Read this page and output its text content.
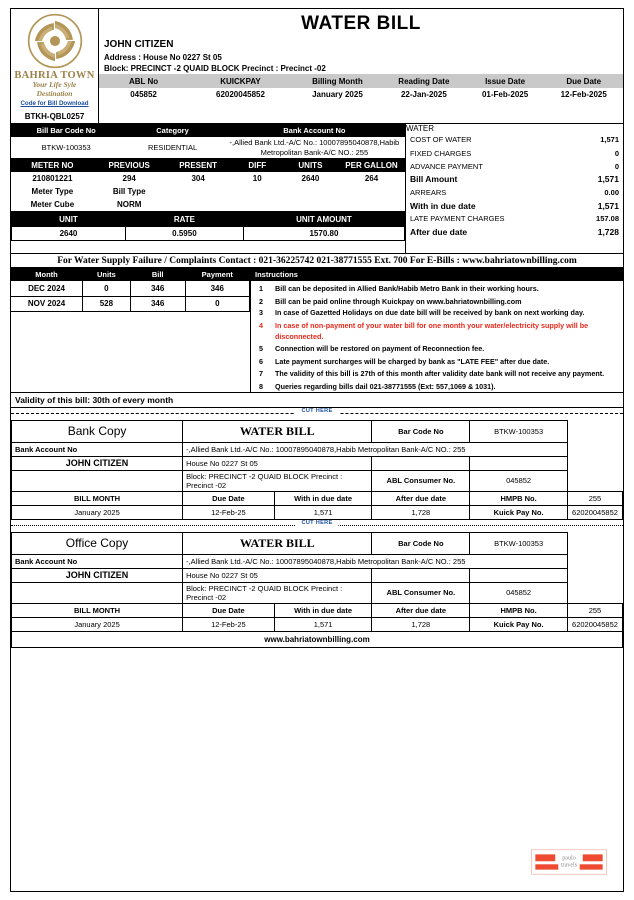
BAHRIA TOWN
Your Life Syle
Destination
Code for Bill Download
BTKH-QBL0257
WATER BILL
JOHN CITIZEN
Address : House No 0227 St 05
Block: PRECINCT -2 QUAID BLOCK Precinct : Precinct -02
ABL No	KUICKPAY	Billing Month	Reading Date	Issue Date	Due Date
045852	62020045852	January 2025	22-Jan-2025	01-Feb-2025	12-Feb-2025
Bill Bar Code No	Category	Bank Account No
BTKW-100353	RESIDENTIAL	-,Allied Bank Ltd.-A/C No.: 10007895040878,Habib
Metropolitan Bank-A/C NO.: 255
METER NO	PREVIOUS	PRESENT	DIFF	UNITS	PER GALLON
210801221	294	304	10	2640	264
Meter Type	Bill Type				
Meter Cube	NORM				
UNIT	RATE	UNIT AMOUNT
2640	0.5950	1570.80
WATER
COST OF WATER	1,571
FIXED CHARGES	0
ADVANCE PAYMENT	0
Bill Amount	1,571
ARREARS	0.00
With in due date	1,571
LATE PAYMENT CHARGES	157.08
After due date	1,728
For Water Supply Failure / Complaints Contact : 021-36225742 021-38771555 Ext. 700 For E-Bills : www.bahriatownbilling.com
Month	Units	Bill	Payment
DEC 2024	0	346	346
NOV 2024	528	346	0
Instructions
1	Bill can be deposited in Allied Bank/Habib Metro Bank in their working hours.
2	Bill can be paid online through Kuickpay on www.bahriatownbilling.com
3	In case of Gazetted Holidays on due date bill will be received by bank on next working day.
4	In case of non-payment of your water bill for one month your water/electricity supply will be disconnected.
5	Connection will be restored on payment of Reconnection fee.
6	Late payment surcharges will be charged by bank as "LATE FEE" after due date.
7	The validity of this bill is 27th of this month after validity date bank will not receive any payment.
8	Queries regarding bills dail 021-38771555 (Ext: 557,1069 & 1031).
Validity of this bill: 30th of every month
CUT HERE
Bank Copy	WATER BILL		Bar Code No	BTKW-100353	
Bank Account No	-,Allied Bank Ltd.-A/C No.: 10007895040878,Habib Metropolitan Bank-A/C NO.: 255				
JOHN CITIZEN	House No 0227 St 05				
	Block: PRECINCT -2 QUAID BLOCK Precinct : Precinct -02		ABL Consumer No.	045852	
BILL MONTH	Due Date	With in due date	After due date	HMPB No.	255
January 2025	12-Feb-25	1,571	1,728	Kuick Pay No.	62020045852
CUT HERE
Office Copy	WATER BILL		Bar Code No	BTKW-100353	
Bank Account No	-,Allied Bank Ltd.-A/C No.: 10007895040878,Habib Metropolitan Bank-A/C NO.: 255				
JOHN CITIZEN	House No 0227 St 05				
	Block: PRECINCT -2 QUAID BLOCK Precinct : Precinct -02		ABL Consumer No.	045852	
BILL MONTH	Due Date	With in due date	After due date	HMPB No.	255
January 2025	12-Feb-25	1,571	1,728	Kuick Pay No.	62020045852
www.bahriatownbilling.com
paulo
travels
